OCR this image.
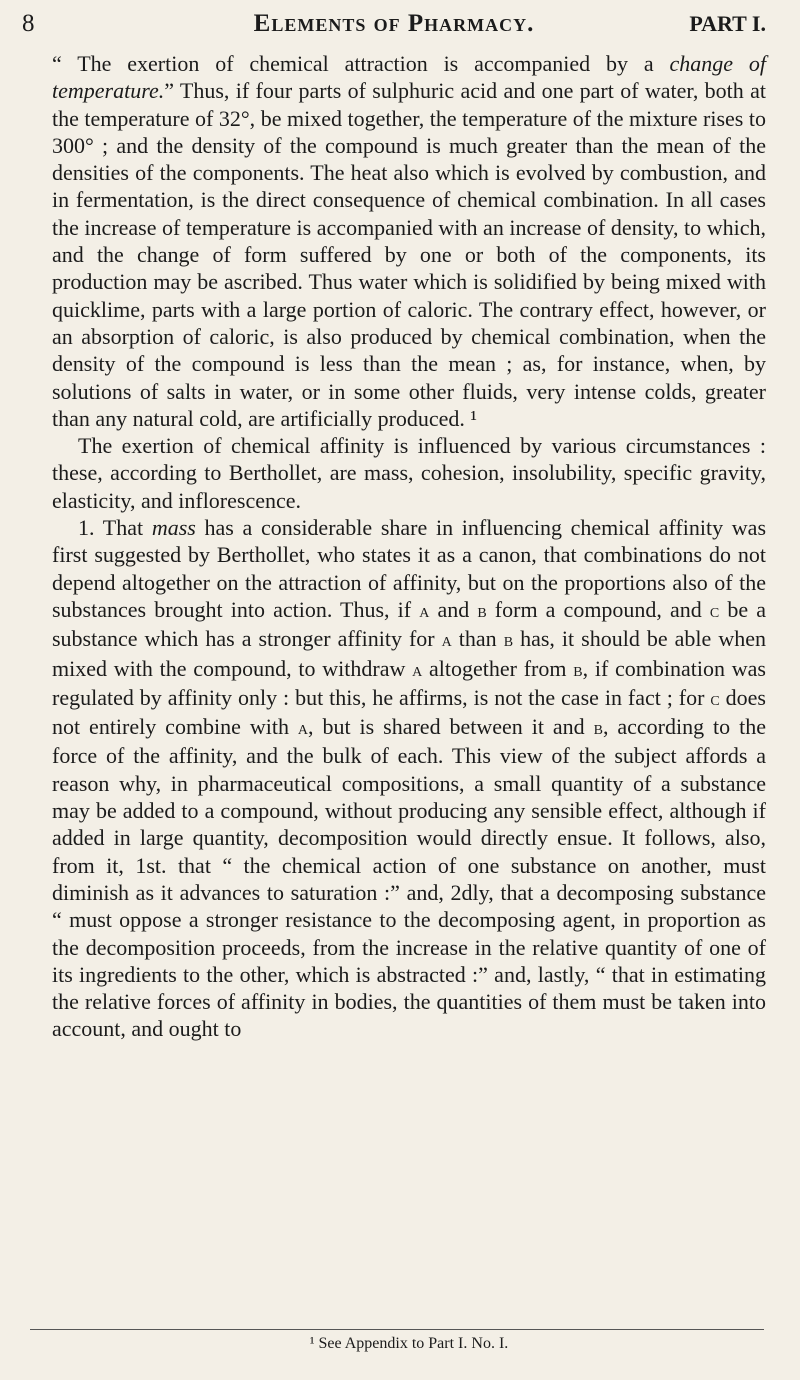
8	Elements of Pharmacy.	PART I.

“ The exertion of chemical attraction is accompanied by a change of temperature.” Thus, if four parts of sulphuric acid and one part of water, both at the temperature of 32°, be mixed together, the temperature of the mixture rises to 300° ; and the density of the compound is much greater than the mean of the densities of the components. The heat also which is evolved by combustion, and in fermentation, is the direct consequence of chemical combination. In all cases the increase of temperature is accompanied with an increase of density, to which, and the change of form suffered by one or both of the components, its production may be ascribed. Thus water which is solidified by being mixed with quicklime, parts with a large portion of caloric. The contrary effect, however, or an absorption of caloric, is also produced by chemical combination, when the density of the compound is less than the mean ; as, for instance, when, by solutions of salts in water, or in some other fluids, very intense colds, greater than any natural cold, are artificially produced. ¹

The exertion of chemical affinity is influenced by various circumstances : these, according to Berthollet, are mass, cohesion, insolubility, specific gravity, elasticity, and inflorescence.

1. That mass has a considerable share in influencing chemical affinity was first suggested by Berthollet, who states it as a canon, that combinations do not depend altogether on the attraction of affinity, but on the proportions also of the substances brought into action. Thus, if a and b form a compound, and c be a substance which has a stronger affinity for a than b has, it should be able when mixed with the compound, to withdraw a altogether from b, if combination was regulated by affinity only : but this, he affirms, is not the case in fact ; for c does not entirely combine with a, but is shared between it and b, according to the force of the affinity, and the bulk of each. This view of the subject affords a reason why, in pharmaceutical compositions, a small quantity of a substance may be added to a compound, without producing any sensible effect, although if added in large quantity, decomposition would directly ensue. It follows, also, from it, 1st. that “ the chemical action of one substance on another, must diminish as it advances to saturation :” and, 2dly, that a decomposing substance “ must oppose a stronger resistance to the decomposing agent, in proportion as the decomposition proceeds, from the increase in the relative quantity of one of its ingredients to the other, which is abstracted :” and, lastly, “ that in estimating the relative forces of affinity in bodies, the quantities of them must be taken into account, and ought to

¹ See Appendix to Part I. No. I.
